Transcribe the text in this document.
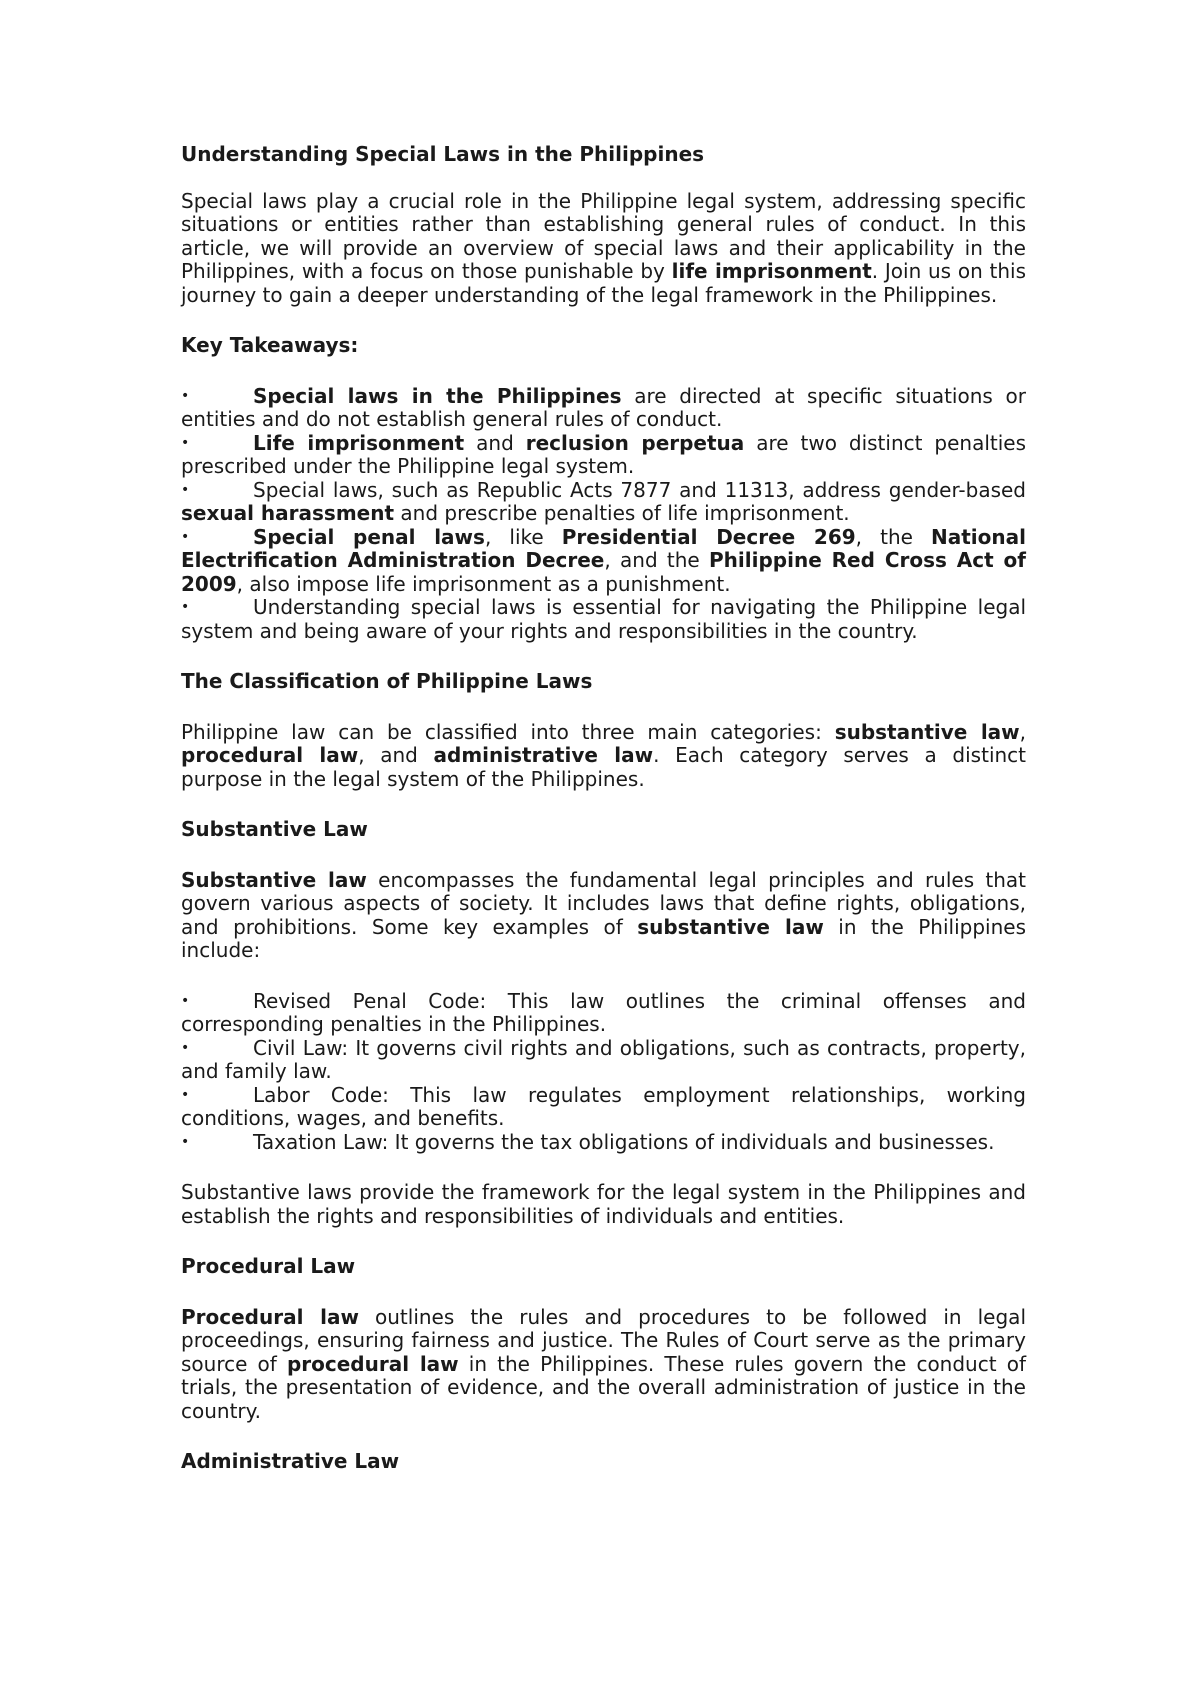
Understanding Special Laws in the Philippines

Special laws play a crucial role in the Philippine legal system, addressing specific situations or entities rather than establishing general rules of conduct. In this article, we will provide an overview of special laws and their applicability in the Philippines, with a focus on those punishable by life imprisonment. Join us on this journey to gain a deeper understanding of the legal framework in the Philippines.

Key Takeaways:
•	Special laws in the Philippines are directed at specific situations or entities and do not establish general rules of conduct.
•	Life imprisonment and reclusion perpetua are two distinct penalties prescribed under the Philippine legal system.
•	Special laws, such as Republic Acts 7877 and 11313, address gender-based sexual harassment and prescribe penalties of life imprisonment.
•	Special penal laws, like Presidential Decree 269, the National Electrification Administration Decree, and the Philippine Red Cross Act of 2009, also impose life imprisonment as a punishment.
•	Understanding special laws is essential for navigating the Philippine legal system and being aware of your rights and responsibilities in the country.
The Classification of Philippine Laws

Philippine law can be classified into three main categories: substantive law, procedural law, and administrative law. Each category serves a distinct purpose in the legal system of the Philippines.

Substantive Law

Substantive law encompasses the fundamental legal principles and rules that govern various aspects of society. It includes laws that define rights, obligations, and prohibitions. Some key examples of substantive law in the Philippines include:

•	Revised Penal Code: This law outlines the criminal offenses and corresponding penalties in the Philippines.
•	Civil Law: It governs civil rights and obligations, such as contracts, property, and family law.
•	Labor Code: This law regulates employment relationships, working conditions, wages, and benefits.
•	Taxation Law: It governs the tax obligations of individuals and businesses.

Substantive laws provide the framework for the legal system in the Philippines and establish the rights and responsibilities of individuals and entities.

Procedural Law

Procedural law outlines the rules and procedures to be followed in legal proceedings, ensuring fairness and justice. The Rules of Court serve as the primary source of procedural law in the Philippines. These rules govern the conduct of trials, the presentation of evidence, and the overall administration of justice in the country.

Administrative Law
